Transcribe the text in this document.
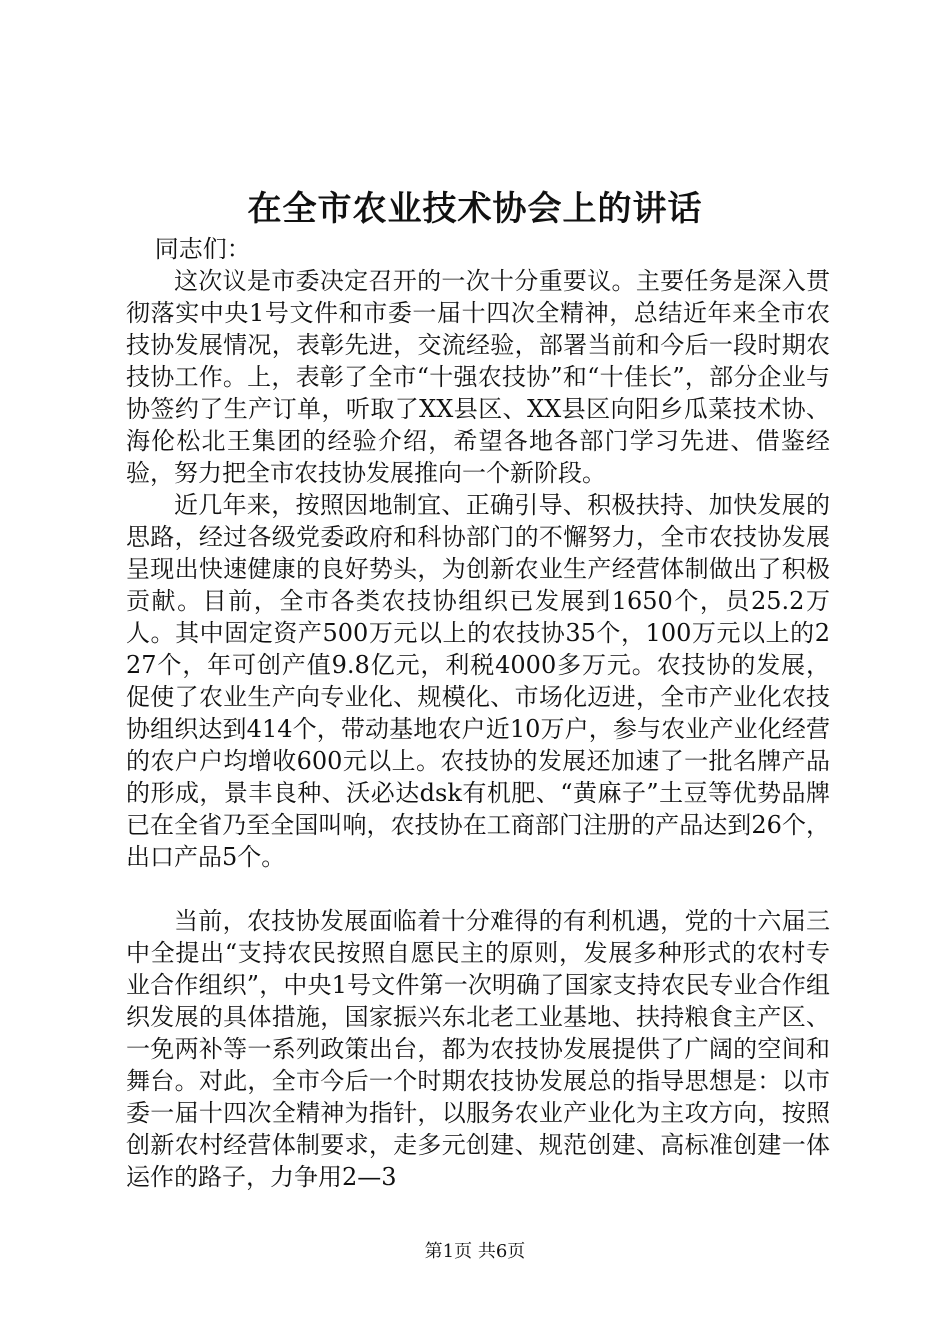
在全市农业技术协会上的讲话

同志们：

这次议是市委决定召开的一次十分重要议。主要任务是深入贯彻落实中央1号文件和市委一届十四次全精神，总结近年来全市农技协发展情况，表彰先进，交流经验，部署当前和今后一段时期农技协工作。上，表彰了全市“十强农技协”和“十佳长”，部分企业与协签约了生产订单，听取了XX县区、XX县区向阳乡瓜菜技术协、海伦松北王集团的经验介绍，希望各地各部门学习先进、借鉴经验，努力把全市农技协发展推向一个新阶段。

近几年来，按照因地制宜、正确引导、积极扶持、加快发展的思路，经过各级党委政府和科协部门的不懈努力，全市农技协发展呈现出快速健康的良好势头，为创新农业生产经营体制做出了积极贡献。目前，全市各类农技协组织已发展到1650个，员25.2万人。其中固定资产500万元以上的农技协35个，100万元以上的227个，年可创产值9.8亿元，利税4000多万元。农技协的发展，促使了农业生产向专业化、规模化、市场化迈进，全市产业化农技协组织达到414个，带动基地农户近10万户，参与农业产业化经营的农户户均增收600元以上。农技协的发展还加速了一批名牌产品的形成，景丰良种、沃必达dsk有机肥、“黄麻子”土豆等优势品牌已在全省乃至全国叫响，农技协在工商部门注册的产品达到26个，出口产品5个。

当前，农技协发展面临着十分难得的有利机遇，党的十六届三中全提出“支持农民按照自愿民主的原则，发展多种形式的农村专业合作组织”，中央1号文件第一次明确了国家支持农民专业合作组织发展的具体措施，国家振兴东北老工业基地、扶持粮食主产区、一免两补等一系列政策出台，都为农技协发展提供了广阔的空间和舞台。对此，全市今后一个时期农技协发展总的指导思想是：以市委一届十四次全精神为指针，以服务农业产业化为主攻方向，按照创新农村经营体制要求，走多元创建、规范创建、高标准创建一体运作的路子，力争用2—3

第1页 共6页
